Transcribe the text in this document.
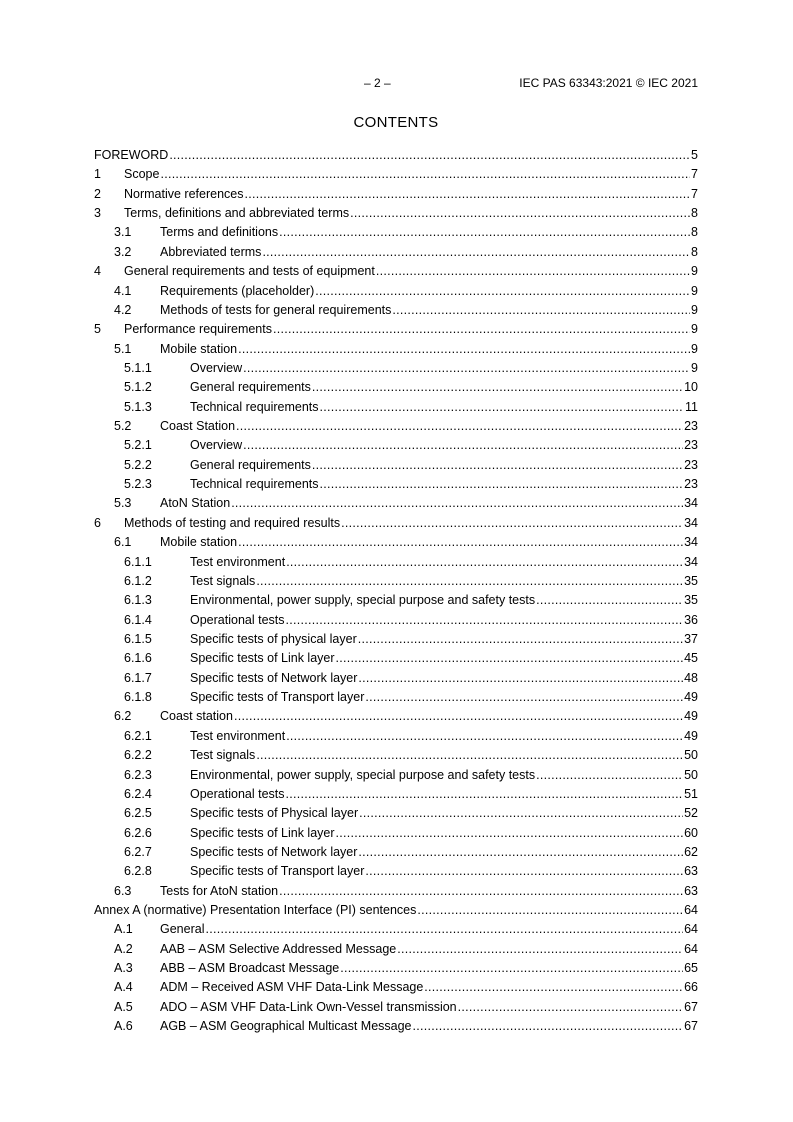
– 2 –	IEC PAS 63343:2021 © IEC 2021
CONTENTS
FOREWORD . . .	5
1	Scope . . .	7
2	Normative references . . .	7
3	Terms, definitions and abbreviated terms . . .	8
3.1	Terms and definitions . . .	8
3.2	Abbreviated terms . . .	8
4	General requirements and tests of equipment . . .	9
4.1	Requirements (placeholder) . . .	9
4.2	Methods of tests for general requirements . . .	9
5	Performance requirements . . .	9
5.1	Mobile station . . .	9
5.1.1	Overview . . .	9
5.1.2	General requirements . . .	10
5.1.3	Technical requirements . . .	11
5.2	Coast Station . . .	23
5.2.1	Overview . . .	23
5.2.2	General requirements . . .	23
5.2.3	Technical requirements . . .	23
5.3	AtoN Station . . .	34
6	Methods of testing and required results . . .	34
6.1	Mobile station . . .	34
6.1.1	Test environment . . .	34
6.1.2	Test signals . . .	35
6.1.3	Environmental, power supply, special purpose and safety tests . . .	35
6.1.4	Operational tests . . .	36
6.1.5	Specific tests of physical layer . . .	37
6.1.6	Specific tests of Link layer . . .	45
6.1.7	Specific tests of Network layer . . .	48
6.1.8	Specific tests of Transport layer . . .	49
6.2	Coast station . . .	49
6.2.1	Test environment . . .	49
6.2.2	Test signals . . .	50
6.2.3	Environmental, power supply, special purpose and safety tests . . .	50
6.2.4	Operational tests . . .	51
6.2.5	Specific tests of Physical layer . . .	52
6.2.6	Specific tests of Link layer . . .	60
6.2.7	Specific tests of Network layer . . .	62
6.2.8	Specific tests of Transport layer . . .	63
6.3	Tests for AtoN station . . .	63
Annex A (normative) Presentation Interface (PI) sentences . . .	64
A.1	General . . .	64
A.2	AAB – ASM Selective Addressed Message . . .	64
A.3	ABB – ASM Broadcast Message . . .	65
A.4	ADM – Received ASM VHF Data-Link Message . . .	66
A.5	ADO – ASM VHF Data-Link Own-Vessel transmission . . .	67
A.6	AGB – ASM Geographical Multicast Message . . .	67
